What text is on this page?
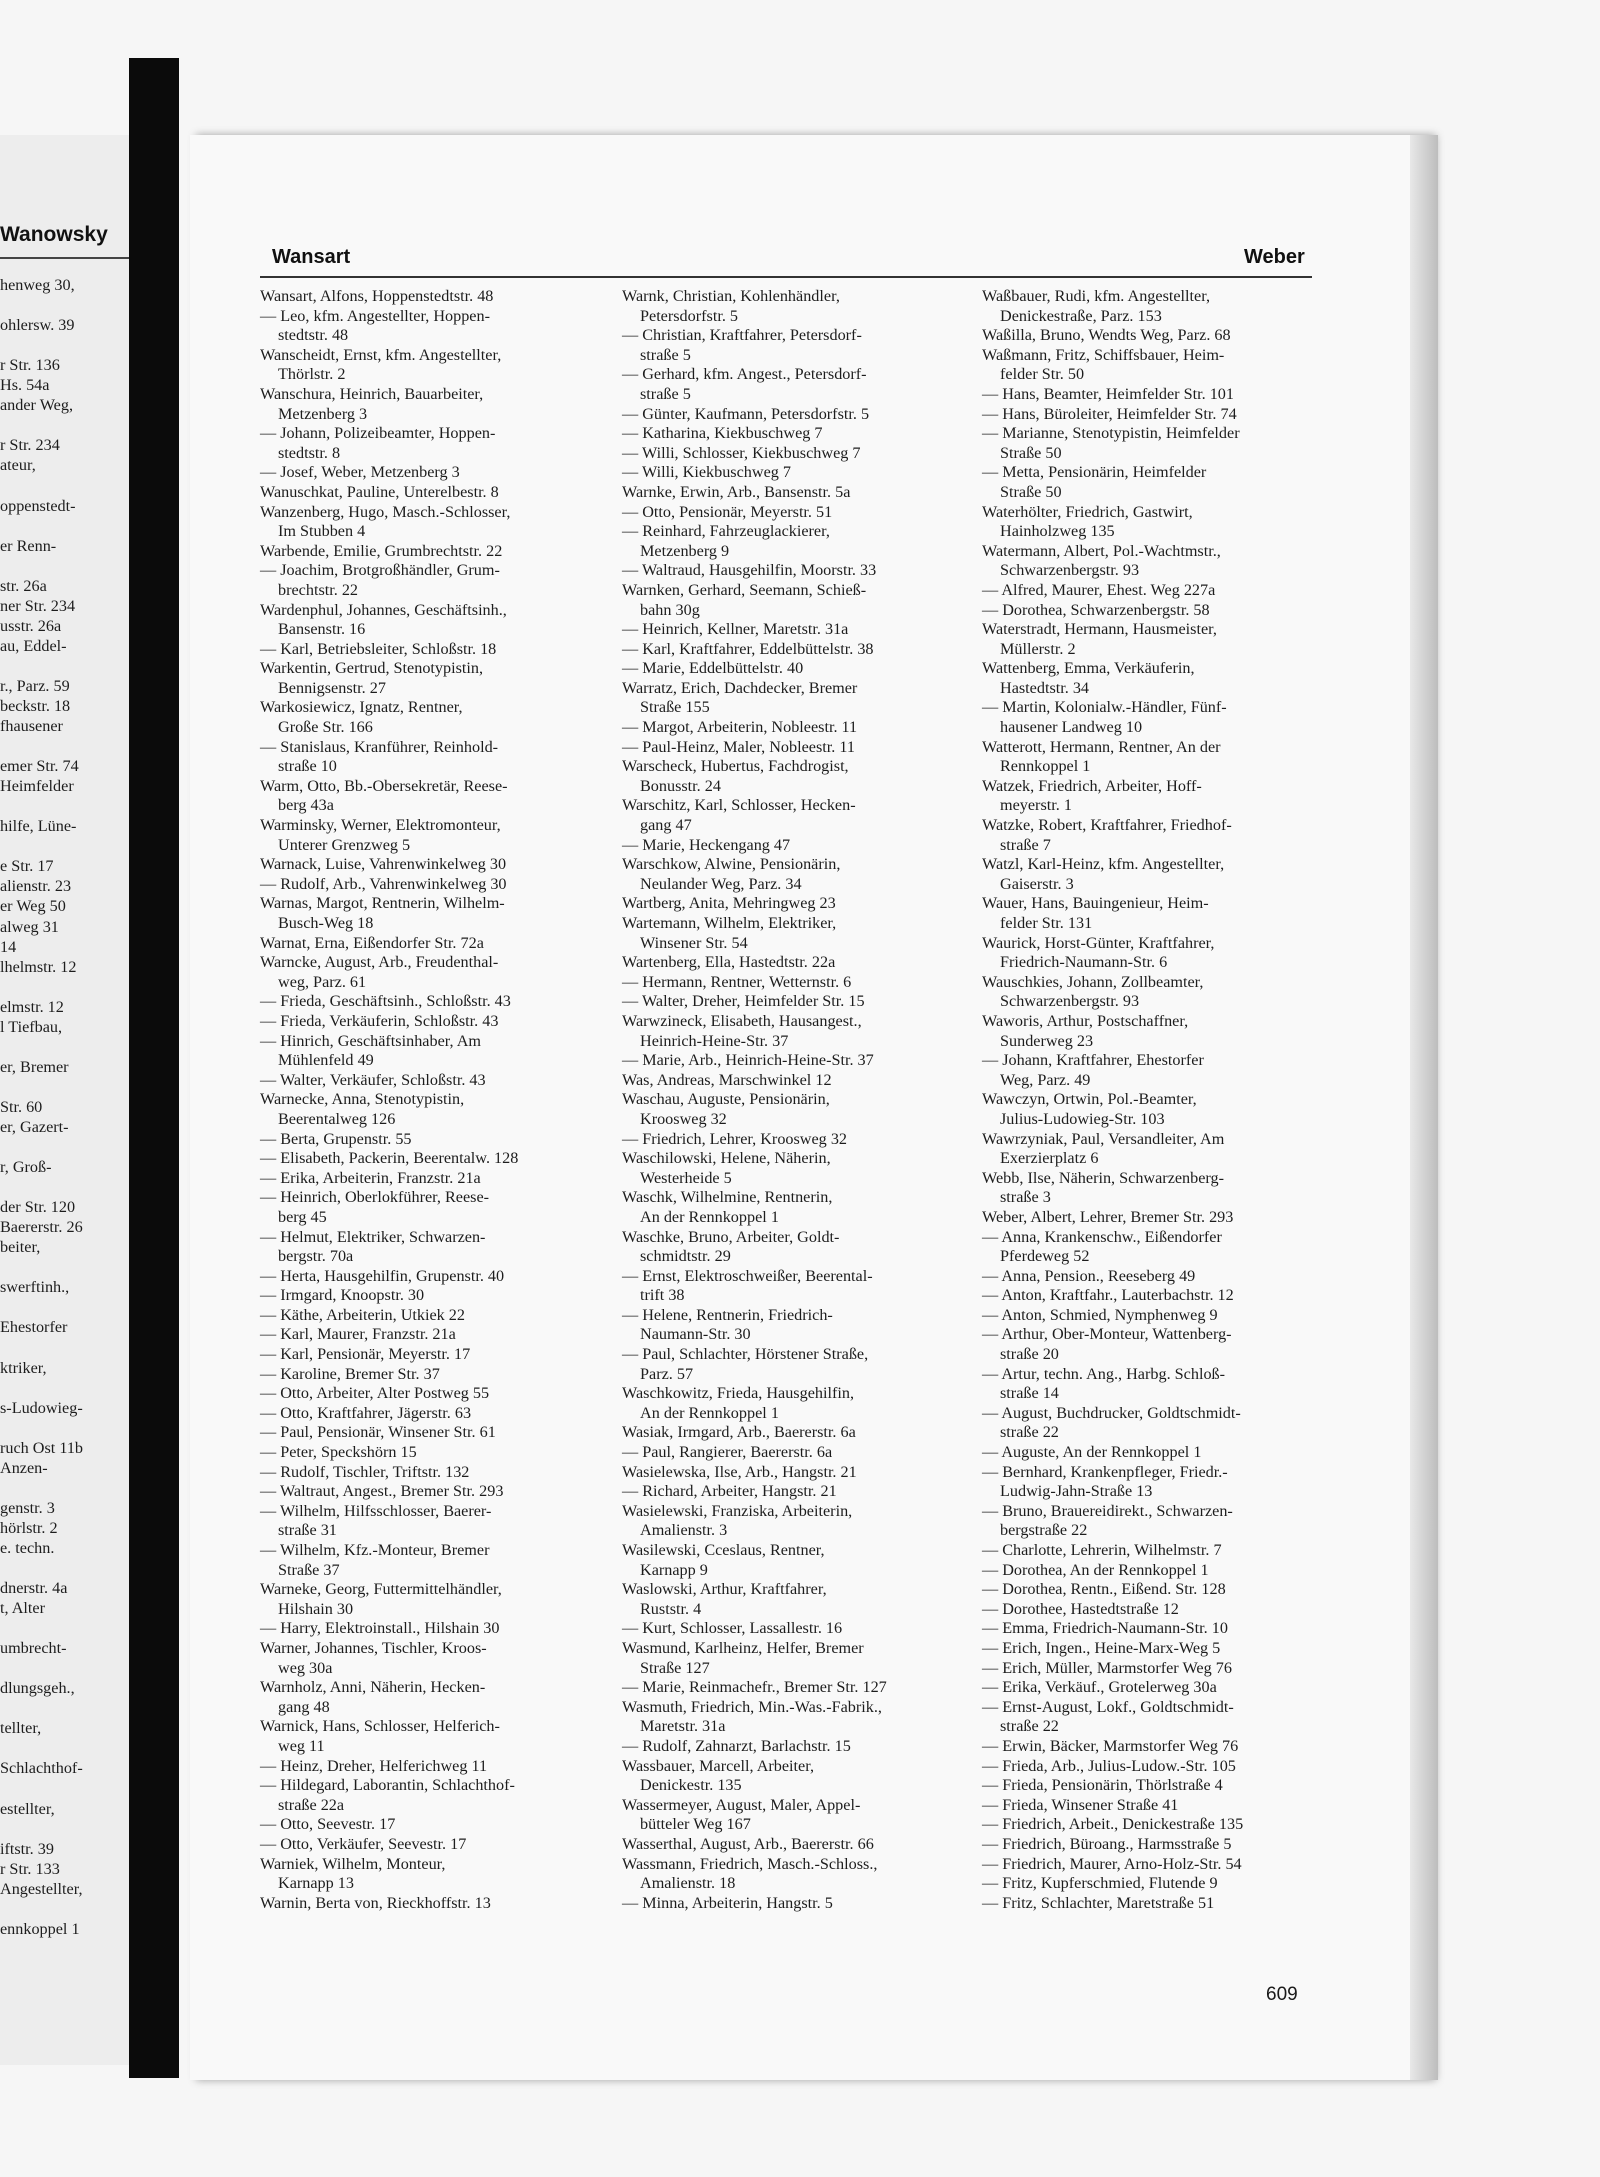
Wanowsky
henweg 30,
ohlersw. 39
r Str. 136
Hs. 54a
ander Weg,
r Str. 234
ateur,
oppenstedt-
er Renn-
str. 26a
ner Str. 234
usstr. 26a
au, Eddel-
r., Parz. 59
beckstr. 18
fhausener
emer Str. 74
Heimfelder
hilfe, Lüne-
e Str. 17
alienstr. 23
er Weg 50
alweg 31
14
lhelmstr. 12
elmstr. 12
l Tiefbau,
er, Bremer
Str. 60
er, Gazert-
r, Groß-
der Str. 120
Baererstr. 26
beiter,
swerftinh.,
Ehestorfer
ktriker,
s-Ludowieg-
ruch Ost 11b
Anzen-
genstr. 3
hörlstr. 2
e. techn.
dnerstr. 4a
t, Alter
umbrecht-
dlungsgeh.,
tellter,
Schlachthof-
estellter,
iftstr. 39
r Str. 133
Angestellter,
ennkoppel 1
Wansart	Weber
Wansart, Alfons, Hoppenstedtstr. 48
— Leo, kfm. Angestellter, Hoppen-
stedtstr. 48
Wanscheidt, Ernst, kfm. Angestellter,
Thörlstr. 2
Wanschura, Heinrich, Bauarbeiter,
Metzenberg 3
— Johann, Polizeibeamter, Hoppen-
stedtstr. 8
— Josef, Weber, Metzenberg 3
Wanuschkat, Pauline, Unterelbestr. 8
Wanzenberg, Hugo, Masch.-Schlosser,
Im Stubben 4
Warbende, Emilie, Grumbrechtstr. 22
— Joachim, Brotgroßhändler, Grum-
brechtstr. 22
Wardenphul, Johannes, Geschäftsinh.,
Bansenstr. 16
— Karl, Betriebsleiter, Schloßstr. 18
Warkentin, Gertrud, Stenotypistin,
Bennigsenstr. 27
Warkosiewicz, Ignatz, Rentner,
Große Str. 166
— Stanislaus, Kranführer, Reinhold-
straße 10
Warm, Otto, Bb.-Obersekretär, Reese-
berg 43a
Warminsky, Werner, Elektromonteur,
Unterer Grenzweg 5
Warnack, Luise, Vahrenwinkelweg 30
— Rudolf, Arb., Vahrenwinkelweg 30
Warnas, Margot, Rentnerin, Wilhelm-
Busch-Weg 18
Warnat, Erna, Eißendorfer Str. 72a
Warncke, August, Arb., Freudenthal-
weg, Parz. 61
— Frieda, Geschäftsinh., Schloßstr. 43
— Frieda, Verkäuferin, Schloßstr. 43
— Hinrich, Geschäftsinhaber, Am
Mühlenfeld 49
— Walter, Verkäufer, Schloßstr. 43
Warnecke, Anna, Stenotypistin,
Beerentalweg 126
— Berta, Grupenstr. 55
— Elisabeth, Packerin, Beerentalw. 128
— Erika, Arbeiterin, Franzstr. 21a
— Heinrich, Oberlokführer, Reese-
berg 45
— Helmut, Elektriker, Schwarzen-
bergstr. 70a
— Herta, Hausgehilfin, Grupenstr. 40
— Irmgard, Knoopstr. 30
— Käthe, Arbeiterin, Utkiek 22
— Karl, Maurer, Franzstr. 21a
— Karl, Pensionär, Meyerstr. 17
— Karoline, Bremer Str. 37
— Otto, Arbeiter, Alter Postweg 55
— Otto, Kraftfahrer, Jägerstr. 63
— Paul, Pensionär, Winsener Str. 61
— Peter, Speckshörn 15
— Rudolf, Tischler, Triftstr. 132
— Waltraut, Angest., Bremer Str. 293
— Wilhelm, Hilfsschlosser, Baerer-
straße 31
— Wilhelm, Kfz.-Monteur, Bremer
Straße 37
Warneke, Georg, Futtermittelhändler,
Hilshain 30
— Harry, Elektroinstall., Hilshain 30
Warner, Johannes, Tischler, Kroos-
weg 30a
Warnholz, Anni, Näherin, Hecken-
gang 48
Warnick, Hans, Schlosser, Helferich-
weg 11
— Heinz, Dreher, Helferichweg 11
— Hildegard, Laborantin, Schlachthof-
straße 22a
— Otto, Seevestr. 17
— Otto, Verkäufer, Seevestr. 17
Warniek, Wilhelm, Monteur,
Karnapp 13
Warnin, Berta von, Rieckhoffstr. 13
Warnk, Christian, Kohlenhändler,
Petersdorfstr. 5
— Christian, Kraftfahrer, Petersdorf-
straße 5
— Gerhard, kfm. Angest., Petersdorf-
straße 5
— Günter, Kaufmann, Petersdorfstr. 5
— Katharina, Kiekbuschweg 7
— Willi, Schlosser, Kiekbuschweg 7
— Willi, Kiekbuschweg 7
Warnke, Erwin, Arb., Bansenstr. 5a
— Otto, Pensionär, Meyerstr. 51
— Reinhard, Fahrzeuglackierer,
Metzenberg 9
— Waltraud, Hausgehilfin, Moorstr. 33
Warnken, Gerhard, Seemann, Schieß-
bahn 30g
— Heinrich, Kellner, Maretstr. 31a
— Karl, Kraftfahrer, Eddelbüttelstr. 38
— Marie, Eddelbüttelstr. 40
Warratz, Erich, Dachdecker, Bremer
Straße 155
— Margot, Arbeiterin, Nobleestr. 11
— Paul-Heinz, Maler, Nobleestr. 11
Warscheck, Hubertus, Fachdrogist,
Bonusstr. 24
Warschitz, Karl, Schlosser, Hecken-
gang 47
— Marie, Heckengang 47
Warschkow, Alwine, Pensionärin,
Neulander Weg, Parz. 34
Wartberg, Anita, Mehringweg 23
Wartemann, Wilhelm, Elektriker,
Winsener Str. 54
Wartenberg, Ella, Hastedtstr. 22a
— Hermann, Rentner, Wetternstr. 6
— Walter, Dreher, Heimfelder Str. 15
Warwzineck, Elisabeth, Hausangest.,
Heinrich-Heine-Str. 37
— Marie, Arb., Heinrich-Heine-Str. 37
Was, Andreas, Marschwinkel 12
Waschau, Auguste, Pensionärin,
Kroosweg 32
— Friedrich, Lehrer, Kroosweg 32
Waschilowski, Helene, Näherin,
Westerheide 5
Waschk, Wilhelmine, Rentnerin,
An der Rennkoppel 1
Waschke, Bruno, Arbeiter, Goldt-
schmidtstr. 29
— Ernst, Elektroschweißer, Beerental-
trift 38
— Helene, Rentnerin, Friedrich-
Naumann-Str. 30
— Paul, Schlachter, Hörstener Straße,
Parz. 57
Waschkowitz, Frieda, Hausgehilfin,
An der Rennkoppel 1
Wasiak, Irmgard, Arb., Baererstr. 6a
— Paul, Rangierer, Baererstr. 6a
Wasielewska, Ilse, Arb., Hangstr. 21
— Richard, Arbeiter, Hangstr. 21
Wasielewski, Franziska, Arbeiterin,
Amalienstr. 3
Wasilewski, Cceslaus, Rentner,
Karnapp 9
Waslowski, Arthur, Kraftfahrer,
Ruststr. 4
— Kurt, Schlosser, Lassallestr. 16
Wasmund, Karlheinz, Helfer, Bremer
Straße 127
— Marie, Reinmachefr., Bremer Str. 127
Wasmuth, Friedrich, Min.-Was.-Fabrik.,
Maretstr. 31a
— Rudolf, Zahnarzt, Barlachstr. 15
Wassbauer, Marcell, Arbeiter,
Denickestr. 135
Wassermeyer, August, Maler, Appel-
bütteler Weg 167
Wasserthal, August, Arb., Baererstr. 66
Wassmann, Friedrich, Masch.-Schloss.,
Amalienstr. 18
— Minna, Arbeiterin, Hangstr. 5
Waßbauer, Rudi, kfm. Angestellter,
Denickestraße, Parz. 153
Waßilla, Bruno, Wendts Weg, Parz. 68
Waßmann, Fritz, Schiffsbauer, Heim-
felder Str. 50
— Hans, Beamter, Heimfelder Str. 101
— Hans, Büroleiter, Heimfelder Str. 74
— Marianne, Stenotypistin, Heimfelder
Straße 50
— Metta, Pensionärin, Heimfelder
Straße 50
Waterhölter, Friedrich, Gastwirt,
Hainholzweg 135
Watermann, Albert, Pol.-Wachtmstr.,
Schwarzenbergstr. 93
— Alfred, Maurer, Ehest. Weg 227a
— Dorothea, Schwarzenbergstr. 58
Waterstradt, Hermann, Hausmeister,
Müllerstr. 2
Wattenberg, Emma, Verkäuferin,
Hastedtstr. 34
— Martin, Kolonialw.-Händler, Fünf-
hausener Landweg 10
Watterott, Hermann, Rentner, An der
Rennkoppel 1
Watzek, Friedrich, Arbeiter, Hoff-
meyerstr. 1
Watzke, Robert, Kraftfahrer, Friedhof-
straße 7
Watzl, Karl-Heinz, kfm. Angestellter,
Gaiserstr. 3
Wauer, Hans, Bauingenieur, Heim-
felder Str. 131
Waurick, Horst-Günter, Kraftfahrer,
Friedrich-Naumann-Str. 6
Wauschkies, Johann, Zollbeamter,
Schwarzenbergstr. 93
Waworis, Arthur, Postschaffner,
Sunderweg 23
— Johann, Kraftfahrer, Ehestorfer
Weg, Parz. 49
Wawczyn, Ortwin, Pol.-Beamter,
Julius-Ludowieg-Str. 103
Wawrzyniak, Paul, Versandleiter, Am
Exerzierplatz 6
Webb, Ilse, Näherin, Schwarzenberg-
straße 3
Weber, Albert, Lehrer, Bremer Str. 293
— Anna, Krankenschw., Eißendorfer
Pferdeweg 52
— Anna, Pension., Reeseberg 49
— Anton, Kraftfahr., Lauterbachstr. 12
— Anton, Schmied, Nymphenweg 9
— Arthur, Ober-Monteur, Wattenberg-
straße 20
— Artur, techn. Ang., Harbg. Schloß-
straße 14
— August, Buchdrucker, Goldtschmidt-
straße 22
— Auguste, An der Rennkoppel 1
— Bernhard, Krankenpfleger, Friedr.-
Ludwig-Jahn-Straße 13
— Bruno, Brauereidirekt., Schwarzen-
bergstraße 22
— Charlotte, Lehrerin, Wilhelmstr. 7
— Dorothea, An der Rennkoppel 1
— Dorothea, Rentn., Eißend. Str. 128
— Dorothee, Hastedtstraße 12
— Emma, Friedrich-Naumann-Str. 10
— Erich, Ingen., Heine-Marx-Weg 5
— Erich, Müller, Marmstorfer Weg 76
— Erika, Verkäuf., Grotelerweg 30a
— Ernst-August, Lokf., Goldtschmidt-
straße 22
— Erwin, Bäcker, Marmstorfer Weg 76
— Frieda, Arb., Julius-Ludow.-Str. 105
— Frieda, Pensionärin, Thörlstraße 4
— Frieda, Winsener Straße 41
— Friedrich, Arbeit., Denickestraße 135
— Friedrich, Büroang., Harmsstraße 5
— Friedrich, Maurer, Arno-Holz-Str. 54
— Fritz, Kupferschmied, Flutende 9
— Fritz, Schlachter, Maretstraße 51
609
